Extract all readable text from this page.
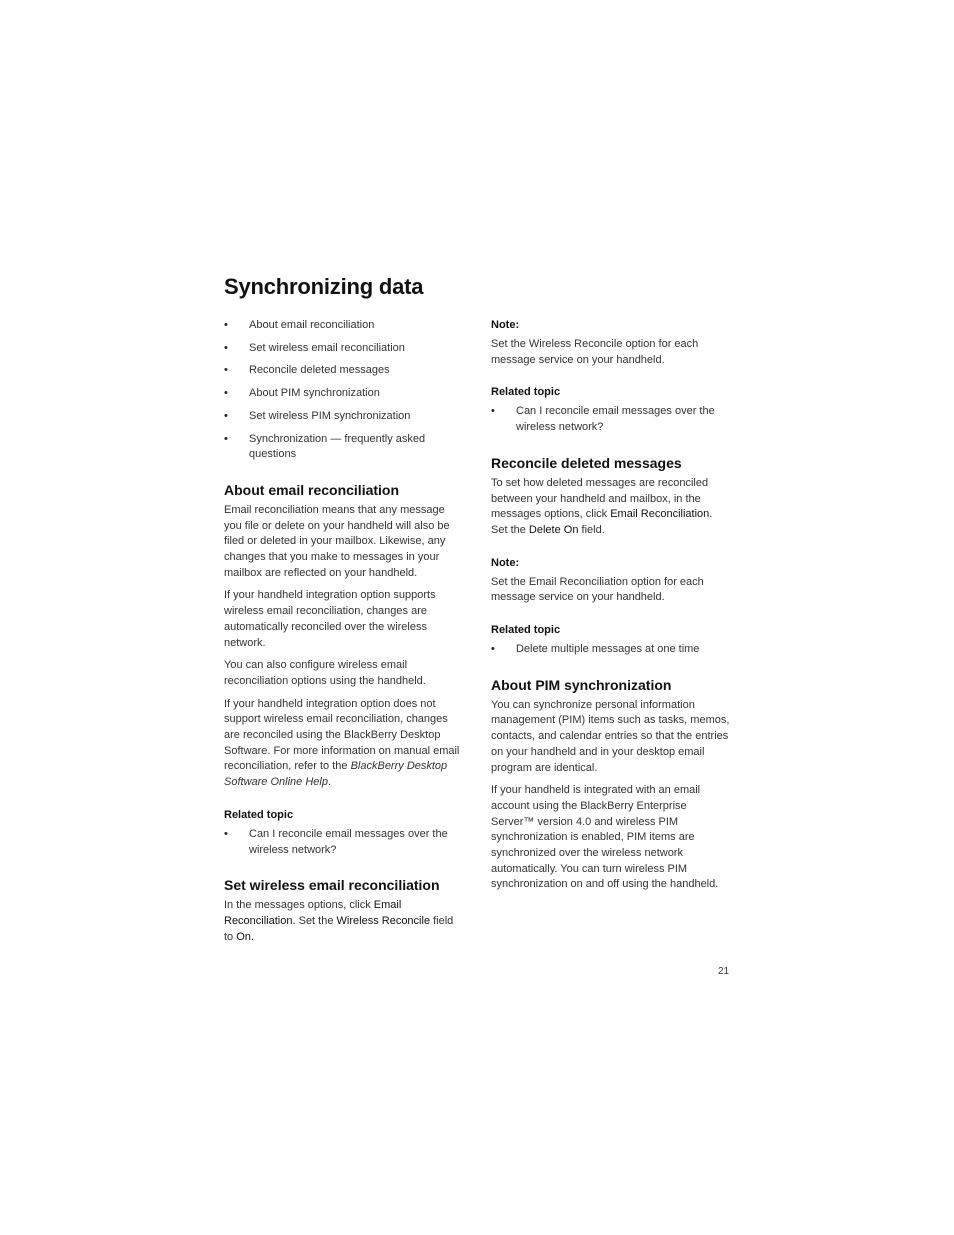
Synchronizing data
• About email reconciliation
• Set wireless email reconciliation
• Reconcile deleted messages
• About PIM synchronization
• Set wireless PIM synchronization
• Synchronization — frequently asked questions
About email reconciliation

Email reconciliation means that any message you file or delete on your handheld will also be filed or deleted in your mailbox. Likewise, any changes that you make to messages in your mailbox are reflected on your handheld.

If your handheld integration option supports wireless email reconciliation, changes are automatically reconciled over the wireless network.

You can also configure wireless email reconciliation options using the handheld.

If your handheld integration option does not support wireless email reconciliation, changes are reconciled using the BlackBerry Desktop Software. For more information on manual email reconciliation, refer to the BlackBerry Desktop Software Online Help.

Related topic
• Can I reconcile email messages over the wireless network?
Set wireless email reconciliation

In the messages options, click Email Reconciliation. Set the Wireless Reconcile field to On.

Note:

Set the Wireless Reconcile option for each message service on your handheld.

Related topic
• Can I reconcile email messages over the wireless network?
Reconcile deleted messages

To set how deleted messages are reconciled between your handheld and mailbox, in the messages options, click Email Reconciliation. Set the Delete On field.

Note:

Set the Email Reconciliation option for each message service on your handheld.

Related topic
• Delete multiple messages at one time
About PIM synchronization

You can synchronize personal information management (PIM) items such as tasks, memos, contacts, and calendar entries so that the entries on your handheld and in your desktop email program are identical.

If your handheld is integrated with an email account using the BlackBerry Enterprise Server™ version 4.0 and wireless PIM synchronization is enabled, PIM items are synchronized over the wireless network automatically. You can turn wireless PIM synchronization on and off using the handheld.

21
